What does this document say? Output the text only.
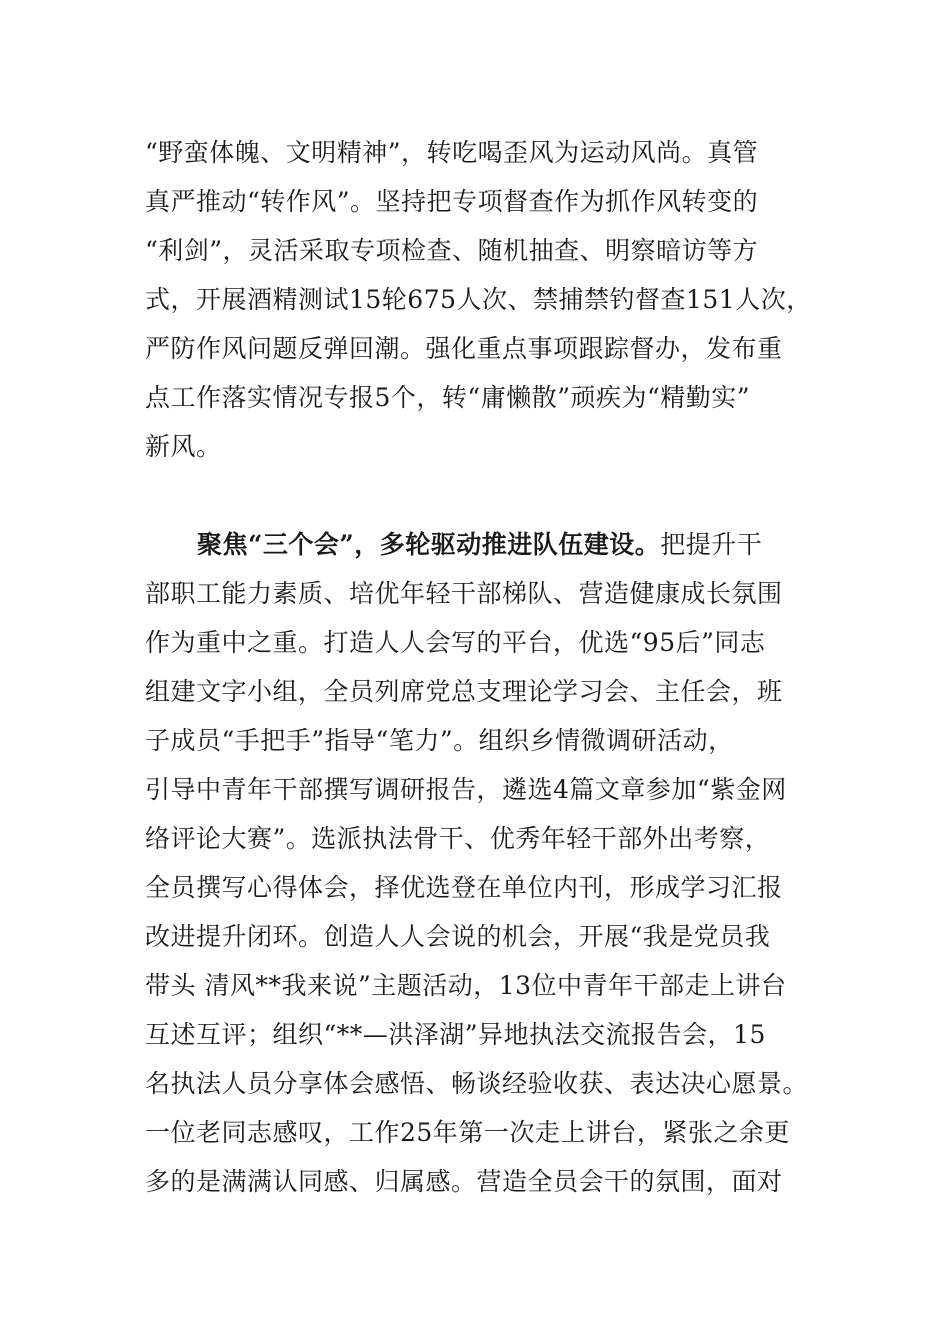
“野蛮体魄、文明精神”，转吃喝歪风为运动风尚。真管
真严推动“转作风”。坚持把专项督查作为抓作风转变的
“利剑”，灵活采取专项检查、随机抽查、明察暗访等方
式，开展酒精测试15轮675人次、禁捕禁钓督查151人次，
严防作风问题反弹回潮。强化重点事项跟踪督办，发布重
点工作落实情况专报5个，转“庸懒散”顽疾为“精勤实”
新风。
聚焦“三个会”，多轮驱动推进队伍建设。把提升干
部职工能力素质、培优年轻干部梯队、营造健康成长氛围
作为重中之重。打造人人会写的平台，优选“95后”同志
组建文字小组，全员列席党总支理论学习会、主任会，班
子成员“手把手”指导“笔力”。组织乡情微调研活动，
引导中青年干部撰写调研报告，遴选4篇文章参加“紫金网
络评论大赛”。选派执法骨干、优秀年轻干部外出考察，
全员撰写心得体会，择优选登在单位内刊，形成学习汇报
改进提升闭环。创造人人会说的机会，开展“我是党员我
带头 清风**我来说”主题活动，13位中青年干部走上讲台
互述互评；组织“**—洪泽湖”异地执法交流报告会，15
名执法人员分享体会感悟、畅谈经验收获、表达决心愿景。
一位老同志感叹，工作25年第一次走上讲台，紧张之余更
多的是满满认同感、归属感。营造全员会干的氛围，面对
